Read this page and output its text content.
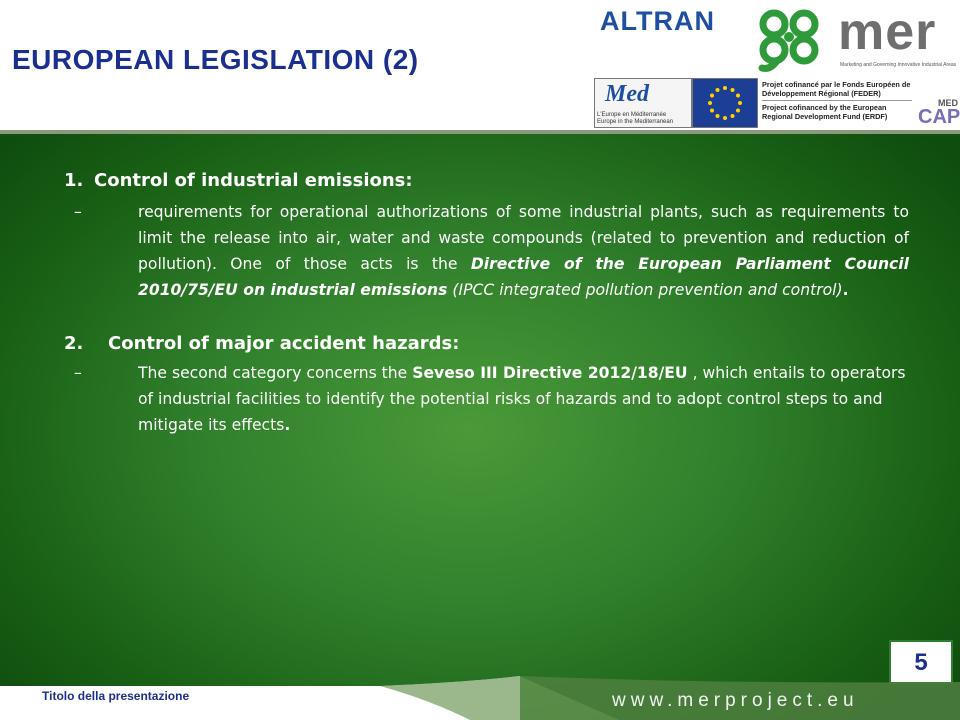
EUROPEAN LEGISLATION (2)
ALTRAN mer
Marketing and Governing Innovative Industrial Areas
Med
L'Europe en Méditerranée
Europe in the Mediterranean
Projet cofinancé par le Fonds Européen de Développement Régional (FEDER)
Project cofinanced by the European Regional Development Fund (ERDF)
MED
CAP
1. Control of industrial emissions:
–	requirements for operational authorizations of some industrial plants, such as requirements to limit the release into air, water and waste compounds (related to prevention and reduction of pollution). One of those acts is the Directive of the European Parliament Council 2010/75/EU on industrial emissions (IPCC integrated pollution prevention and control).
2. Control of major accident hazards:
–	The second category concerns the Seveso III Directive 2012/18/EU , which entails to operators of industrial facilities to identify the potential risks of hazards and to adopt control steps to and mitigate its effects.
5
Titolo della presentazione	www.merproject.eu
